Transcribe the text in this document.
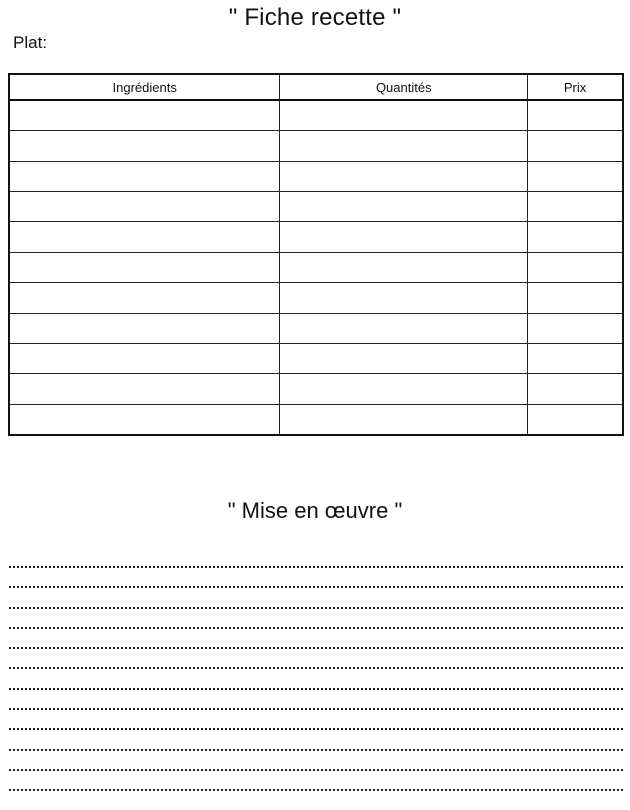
" Fiche recette "
Plat:
Ingrédients	Quantités	Prix

" Mise en œuvre "
